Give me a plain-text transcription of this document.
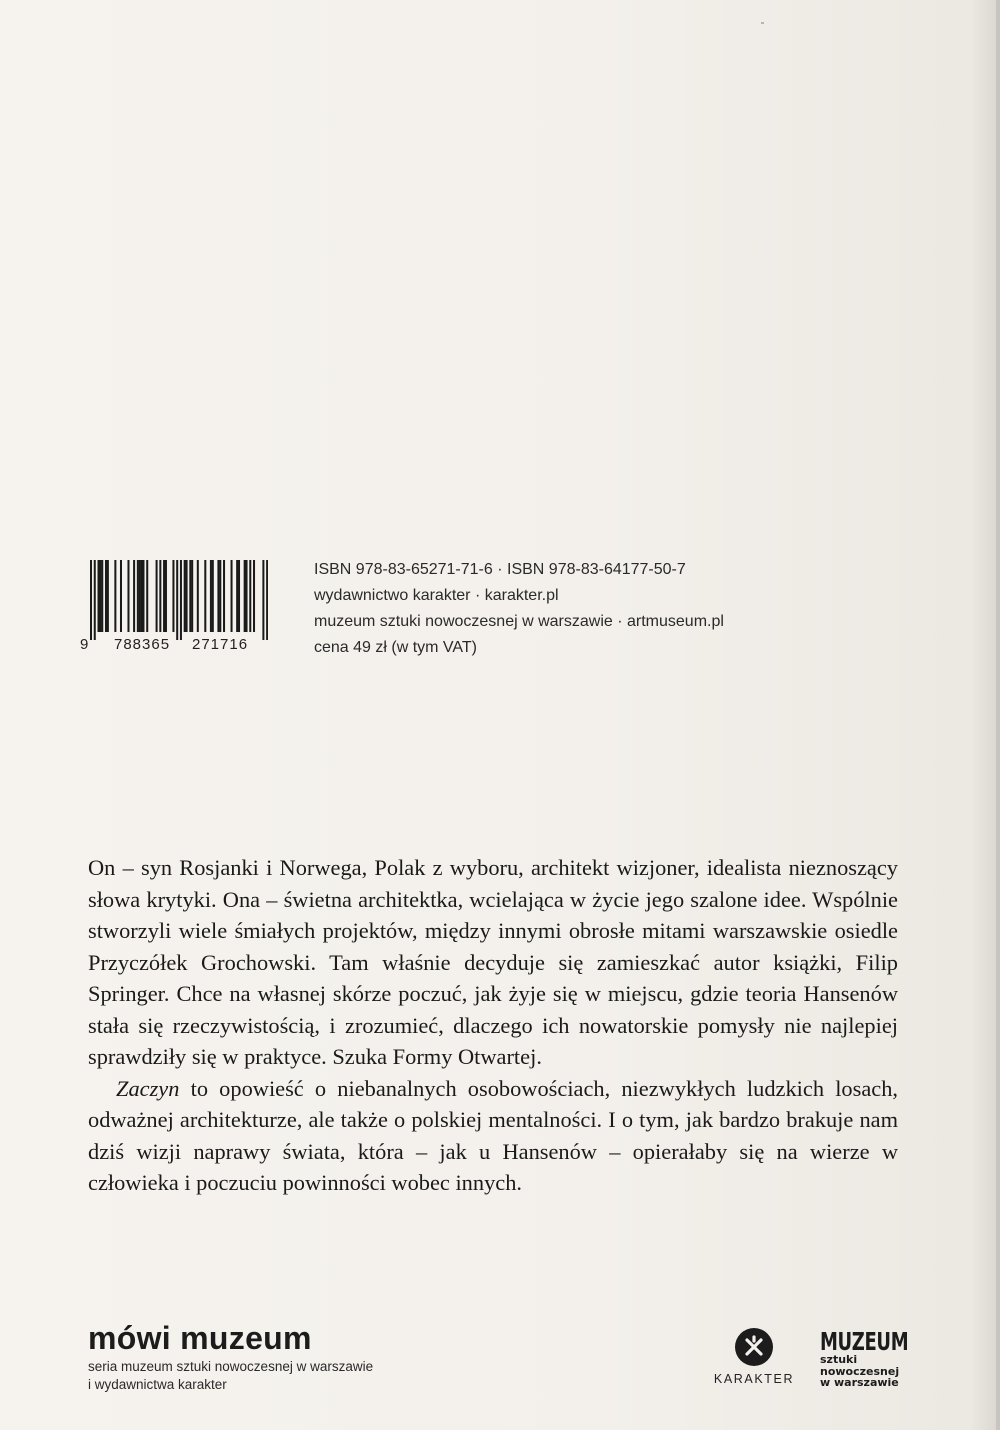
9 788365 271716
ISBN 978-83-65271-71-6 · ISBN 978-83-64177-50-7
wydawnictwo karakter · karakter.pl
muzeum sztuki nowoczesnej w warszawie · artmuseum.pl
cena 49 zł (w tym VAT)

On – syn Rosjanki i Norwega, Polak z wyboru, architekt wizjoner, idealista nieznoszący słowa krytyki. Ona – świetna architektka, wcielająca w życie jego szalone idee. Wspólnie stworzyli wiele śmiałych projektów, między innymi obrosłe mitami warszawskie osiedle Przyczółek Grochowski. Tam właśnie decyduje się zamieszkać autor książki, Filip Springer. Chce na własnej skórze poczuć, jak żyje się w miejscu, gdzie teoria Hansenów stała się rzeczywistością, i zrozumieć, dlaczego ich nowatorskie pomysły nie najlepiej sprawdziły się w praktyce. Szuka Formy Otwartej.

Zaczyn to opowieść o niebanalnych osobowościach, niezwykłych ludzkich losach, odważnej architekturze, ale także o polskiej mentalności. I o tym, jak bardzo brakuje nam dziś wizji naprawy świata, która – jak u Hansenów – opierałaby się na wierze w człowieka i poczuciu powinności wobec innych.

mówi muzeum
seria muzeum sztuki nowoczesnej w warszawie
i wydawnictwa karakter	KARAKTER
MUZEUM
sztuki
nowoczesnej
w warszawie
